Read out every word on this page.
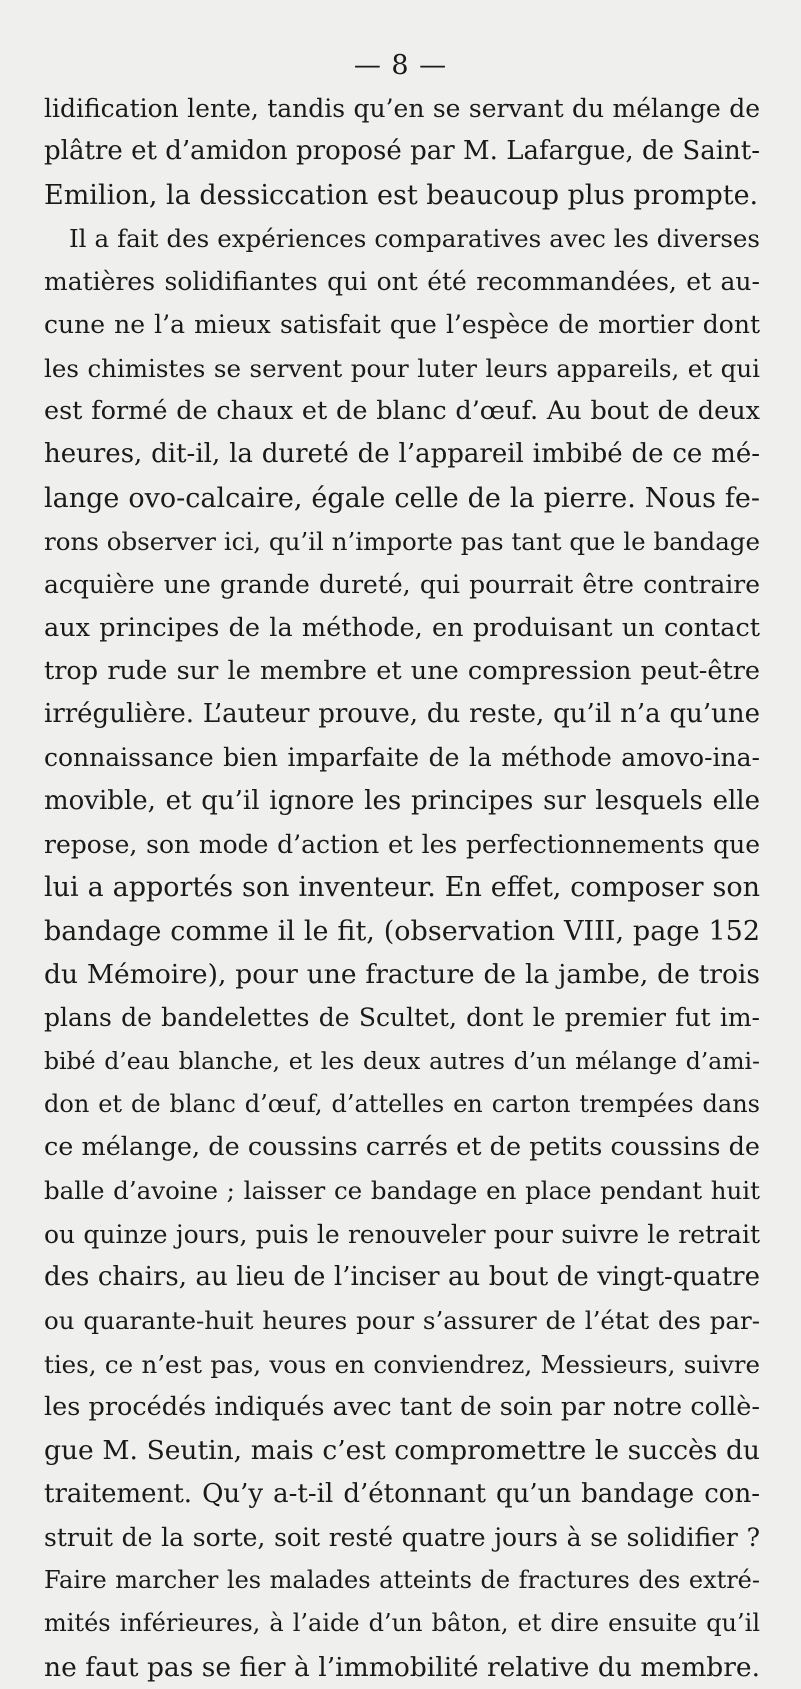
— 8 —
lidification lente, tandis qu’en se servant du mélange de
plâtre et d’amidon proposé par M. Lafargue, de Saint-
Emilion, la dessiccation est beaucoup plus prompte.
Il a fait des expériences comparatives avec les diverses
matières solidifiantes qui ont été recommandées, et au-
cune ne l’a mieux satisfait que l’espèce de mortier dont
les chimistes se servent pour luter leurs appareils, et qui
est formé de chaux et de blanc d’œuf. Au bout de deux
heures, dit-il, la dureté de l’appareil imbibé de ce mé-
lange ovo-calcaire, égale celle de la pierre. Nous fe-
rons observer ici, qu’il n’importe pas tant que le bandage
acquière une grande dureté, qui pourrait être contraire
aux principes de la méthode, en produisant un contact
trop rude sur le membre et une compression peut-être
irrégulière. L’auteur prouve, du reste, qu’il n’a qu’une
connaissance bien imparfaite de la méthode amovo-ina-
movible, et qu’il ignore les principes sur lesquels elle
repose, son mode d’action et les perfectionnements que
lui a apportés son inventeur. En effet, composer son
bandage comme il le fit, (observation VIII, page 152
du Mémoire), pour une fracture de la jambe, de trois
plans de bandelettes de Scultet, dont le premier fut im-
bibé d’eau blanche, et les deux autres d’un mélange d’ami-
don et de blanc d’œuf, d’attelles en carton trempées dans
ce mélange, de coussins carrés et de petits coussins de
balle d’avoine ; laisser ce bandage en place pendant huit
ou quinze jours, puis le renouveler pour suivre le retrait
des chairs, au lieu de l’inciser au bout de vingt-quatre
ou quarante-huit heures pour s’assurer de l’état des par-
ties, ce n’est pas, vous en conviendrez, Messieurs, suivre
les procédés indiqués avec tant de soin par notre collè-
gue M. Seutin, mais c’est compromettre le succès du
traitement. Qu’y a-t-il d’étonnant qu’un bandage con-
struit de la sorte, soit resté quatre jours à se solidifier ?
Faire marcher les malades atteints de fractures des extré-
mités inférieures, à l’aide d’un bâton, et dire ensuite qu’il
ne faut pas se fier à l’immobilité relative du membre.
